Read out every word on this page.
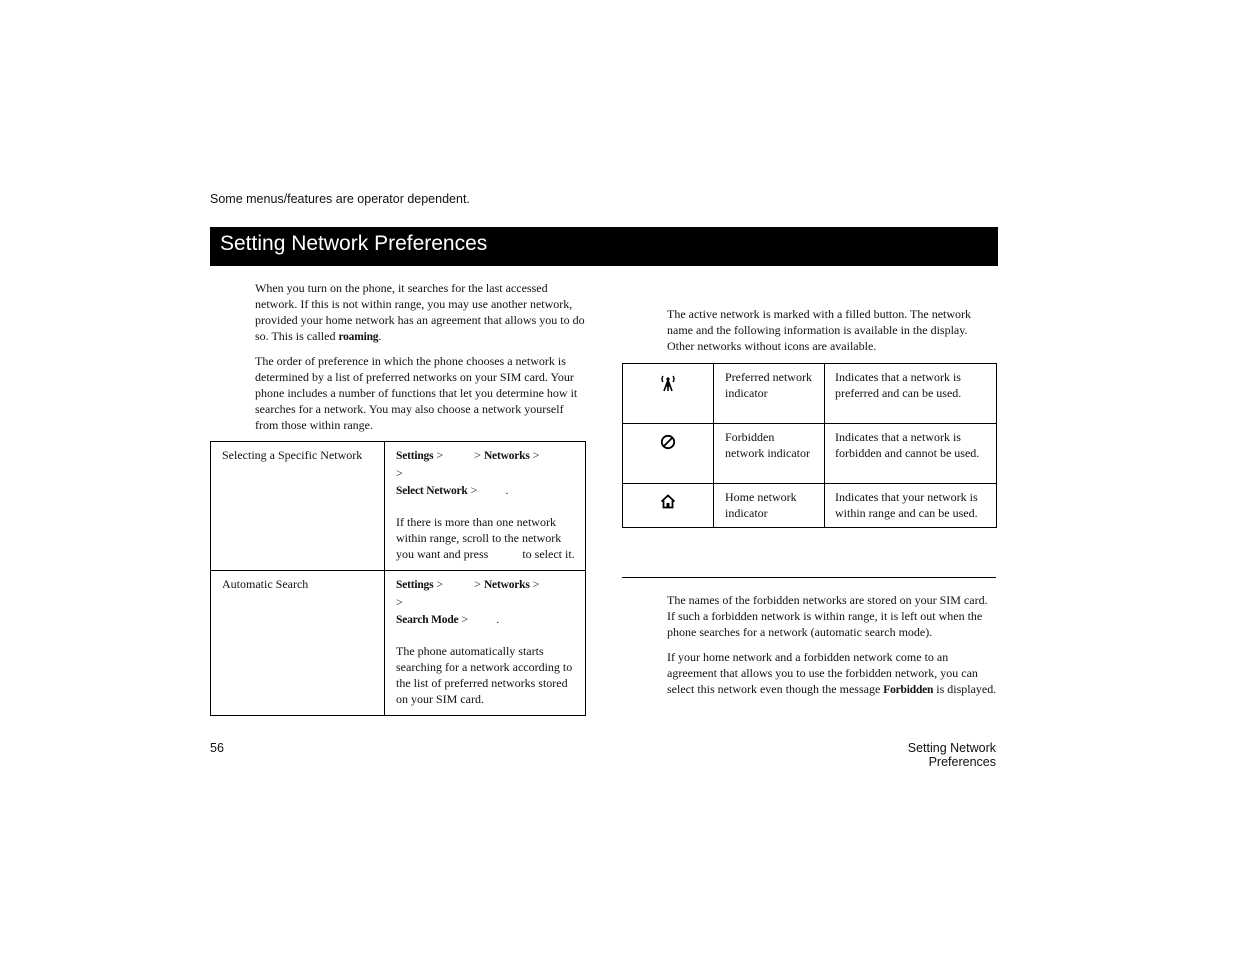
Some menus/features are operator dependent.
Setting Network Preferences

When you turn on the phone, it searches for the last accessed network. If this is not within range, you may use another network, provided your home network has an agreement that allows you to do so. This is called roaming.

The order of preference in which the phone chooses a network is determined by a list of preferred networks on your SIM card. Your phone includes a number of functions that let you determine how it searches for a network. You may also choose a network yourself from those within range.

Selecting a Specific Network	Settings > > Networks > >
Select Network > .

If there is more than one network within range, scroll to the network you want and press to select it.

Automatic Search	Settings > > Networks > >
Search Mode > .

The phone automatically starts searching for a network according to the list of preferred networks stored on your SIM card.

The active network is marked with a filled button. The network name and the following information is available in the display. Other networks without icons are available.
	Preferred network indicator	Indicates that a network is preferred and can be used.
	Forbidden network indicator	Indicates that a network is forbidden and cannot be used.
	Home network indicator	Indicates that your network is within range and can be used.

The names of the forbidden networks are stored on your SIM card. If such a forbidden network is within range, it is left out when the phone searches for a network (automatic search mode).

If your home network and a forbidden network come to an agreement that allows you to use the forbidden network, you can select this network even though the message Forbidden is displayed.

56	Setting Network Preferences
